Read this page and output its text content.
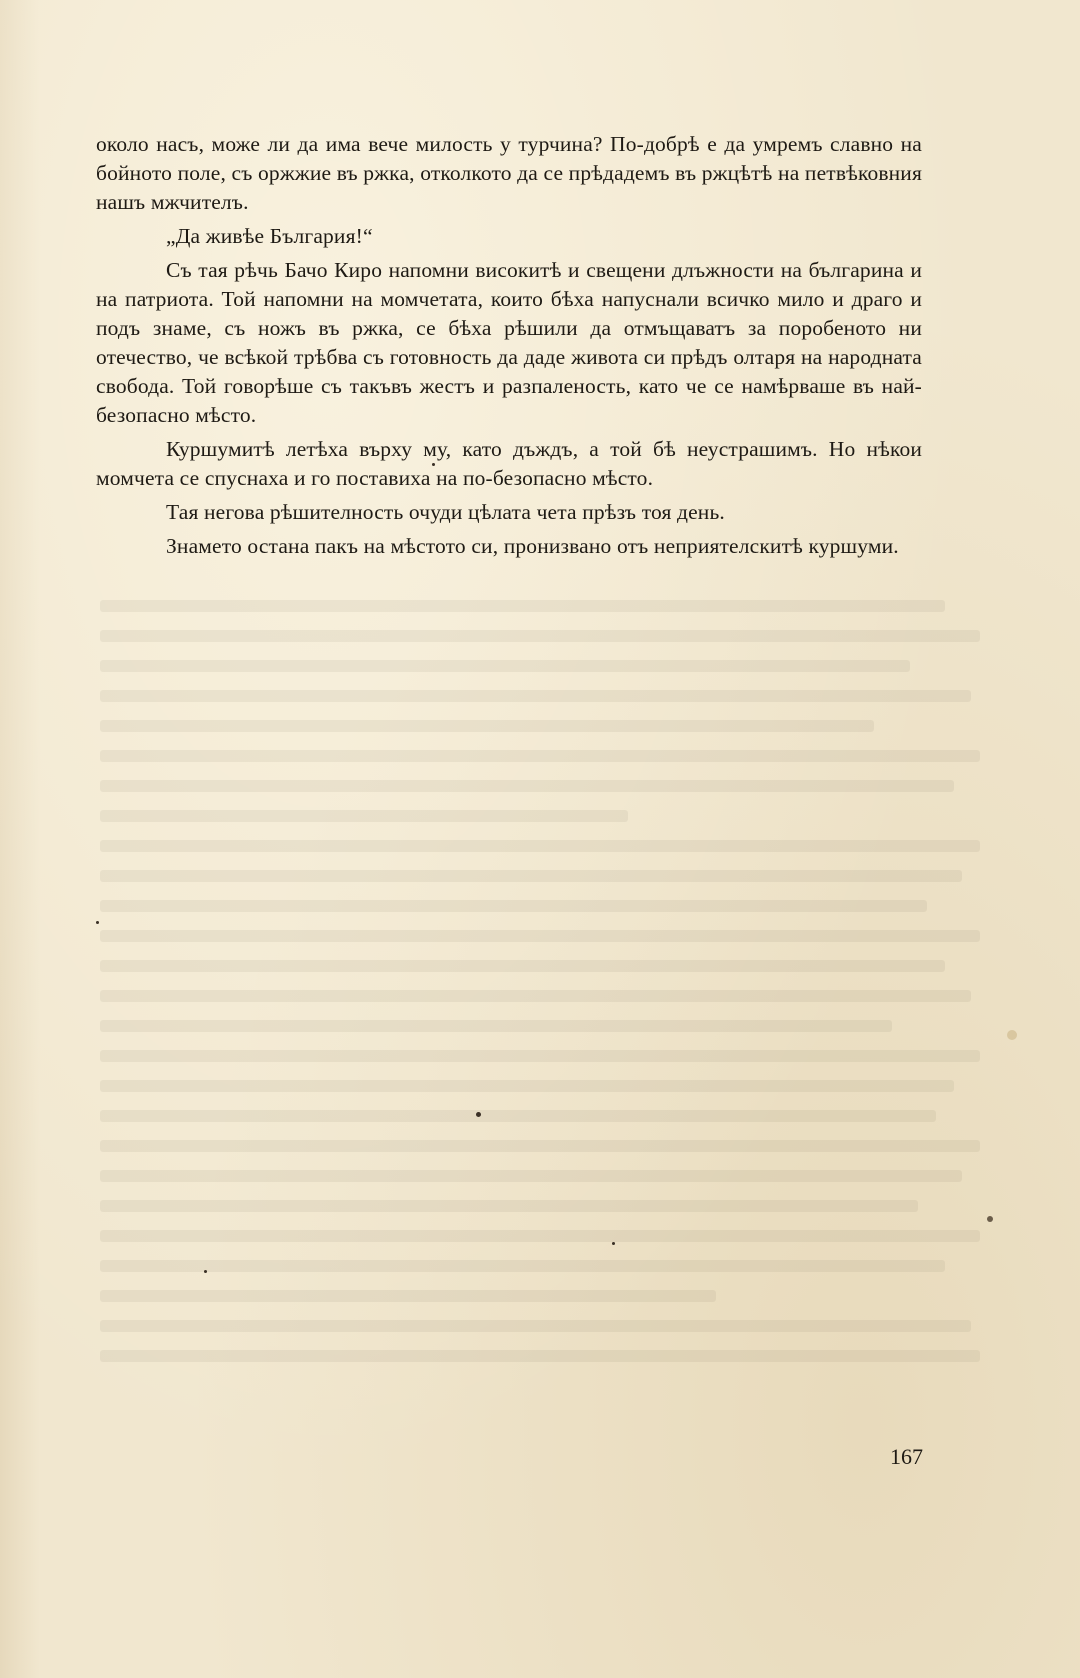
около насъ, може ли да има вече милость у турчина? По-добрѣ е да умремъ славно на бойното поле, съ оржжие въ ржка, отколкото да се прѣдадемъ въ ржцѣтѣ на петвѣковния нашъ мжчителъ.

„Да живѣе България!“

Съ тая рѣчь Бачо Киро напомни високитѣ и свещени длъжности на българина и на патриота. Той напомни на момчетата, които бѣха напуснали всичко мило и драго и подъ знаме, съ ножъ въ ржка, се бѣха рѣшили да отмъщаватъ за поробеното ни отечество, че всѣкой трѣбва съ готовность да даде живота си прѣдъ олтаря на народната свобода. Той говорѣше съ такъвъ жестъ и разпаленость, като че се намѣрваше въ най-безопасно мѣсто.

Куршумитѣ летѣха върху му, като дъждъ, а той бѣ неустрашимъ. Но нѣкои момчета се спуснаха и го поставиха на по-безопасно мѣсто.

Тая негова рѣшителность очуди цѣлата чета прѣзъ тоя день.

Знамето остана пакъ на мѣстото си, пронизвано отъ неприятелскитѣ куршуми.

167
